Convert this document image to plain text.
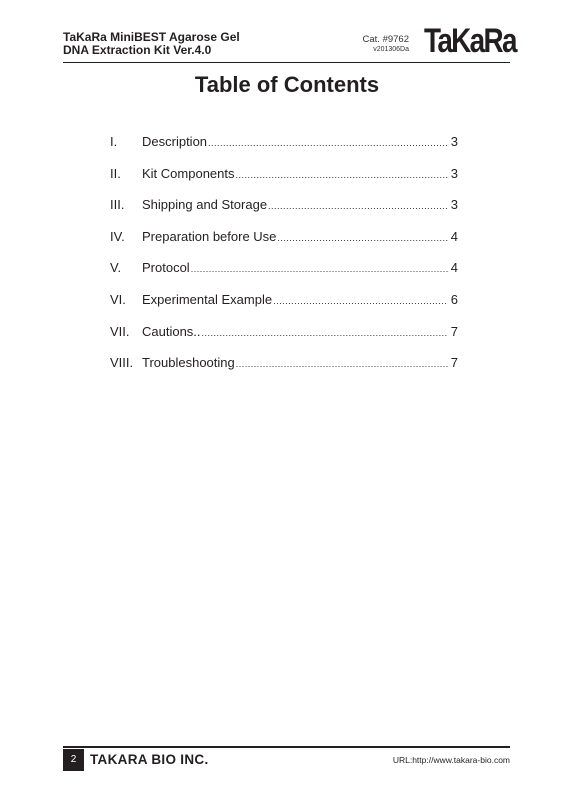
TaKaRa MiniBEST Agarose Gel
DNA Extraction Kit Ver.4.0
Cat. #9762
v201306Da TaKaRa
Table of Contents
I.	Description .....	3
II.	Kit Components .....	3
III.	Shipping and Storage .....	3
IV.	Preparation before Use .....	4
V.	Protocol .....	4
VI.	Experimental Example .....	6
VII. Cautions.. .....	7
VIII. Troubleshooting .....	7
2	TAKARA BIO INC.	URL:http://www.takara-bio.com
